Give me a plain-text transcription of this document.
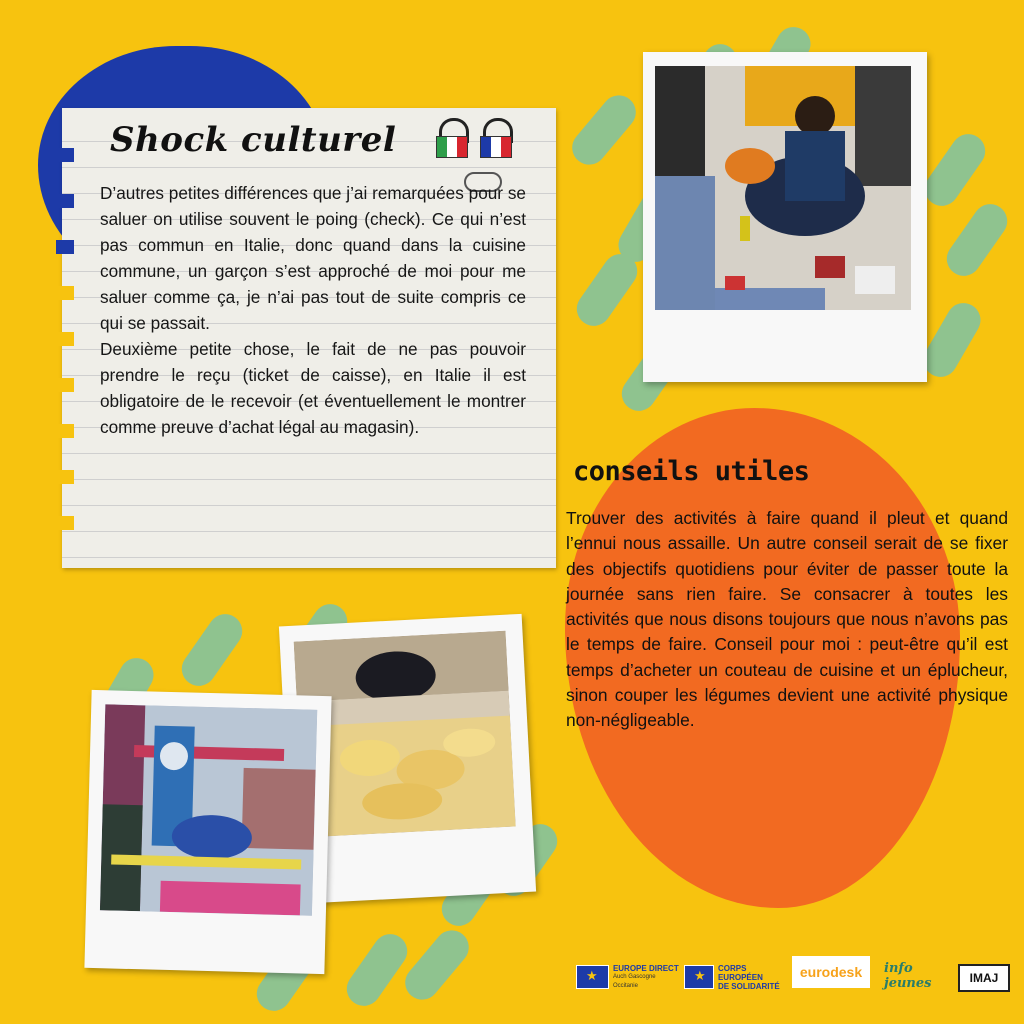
Shock culturel

D’autres petites différences que j’ai remarquées pour se saluer on utilise souvent le poing (check). Ce qui n’est pas commun en Italie, donc quand dans la cuisine commune, un garçon s’est approché de moi pour me saluer comme ça, je n’ai pas tout de suite compris ce qui se passait.

Deuxième petite chose, le fait de ne pas pouvoir prendre le reçu (ticket de caisse), en Italie il est obligatoire de le recevoir (et éventuellement le montrer comme preuve d’achat légal au magasin).

conseils utiles
Trouver des activités à faire quand il pleut et quand l’ennui nous assaille. Un autre conseil serait de se fixer des objectifs quotidiens pour éviter de passer toute la journée sans rien faire. Se consacrer à toutes les activités que nous disons toujours que nous n’avons pas le temps de faire. Conseil pour moi : peut-être qu’il est temps d’acheter un couteau de cuisine et un éplucheur, sinon couper les légumes devient une activité physique non-négligeable.
★
EUROPE DIRECT
Auch Gascogne Occitanie
★
CORPS EUROPÉEN
DE SOLIDARITÉ
eurodesk info jeunes	IMAJ
